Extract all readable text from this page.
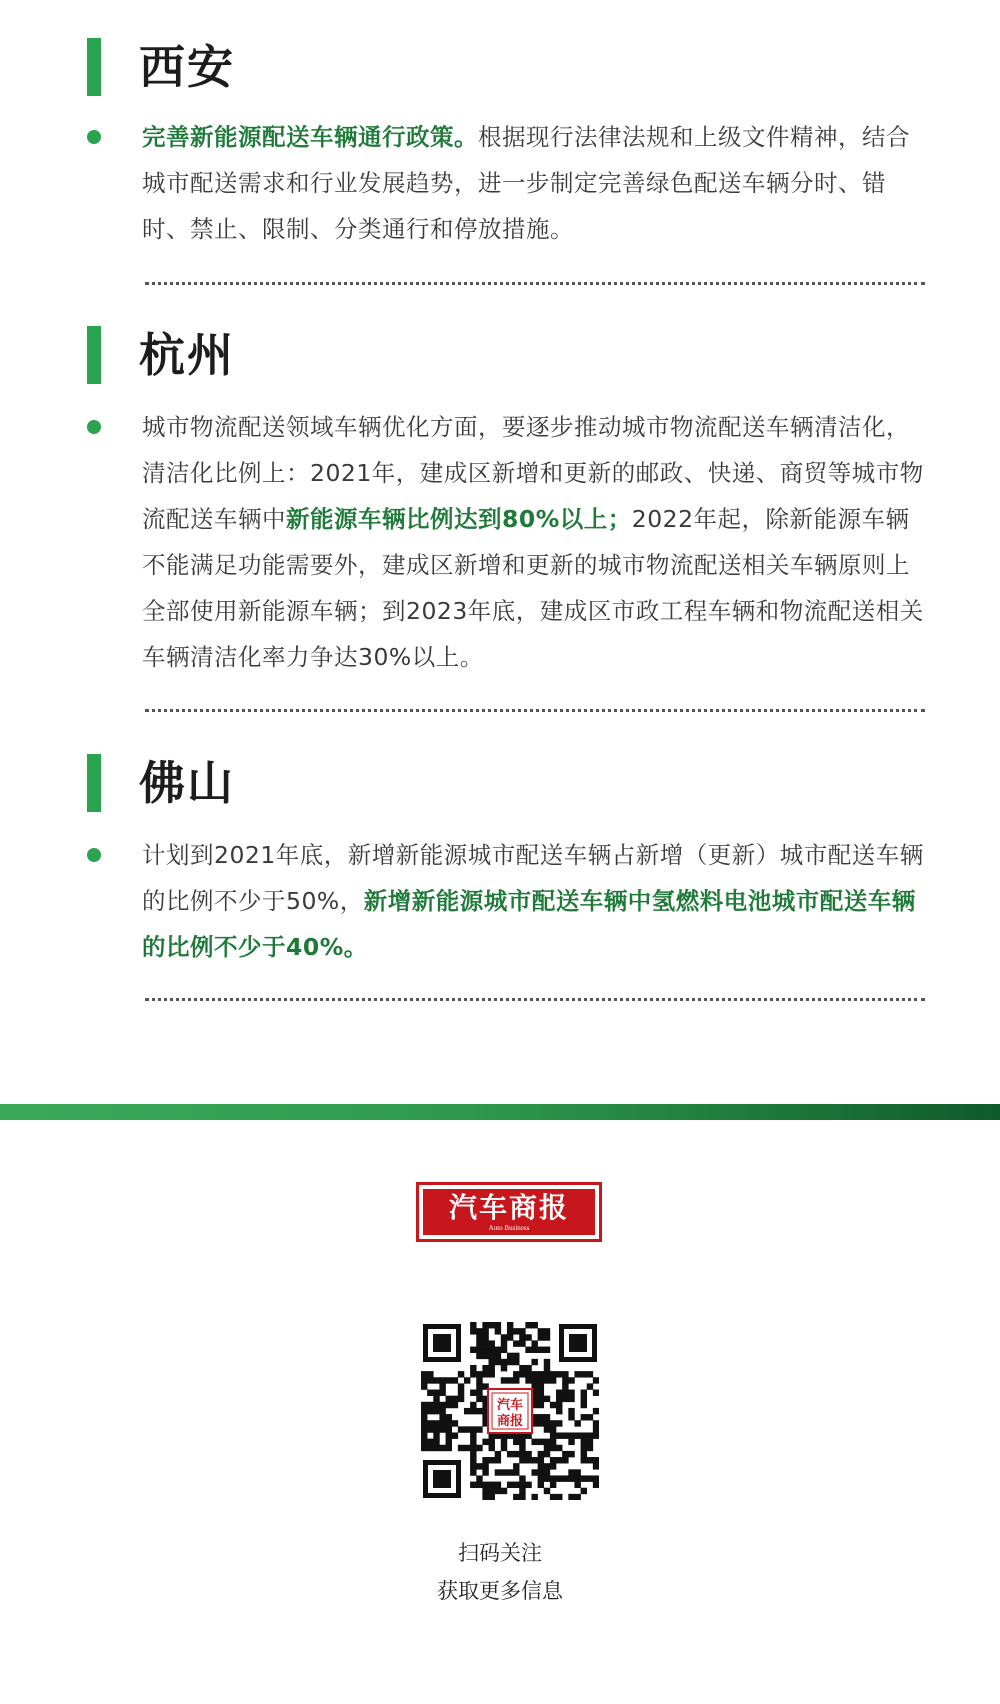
西安

完善新能源配送车辆通行政策。根据现行法律法规和上级文件精神，结合城市配送需求和行业发展趋势，进一步制定完善绿色配送车辆分时、错时、禁止、限制、分类通行和停放措施。

杭州

城市物流配送领域车辆优化方面，要逐步推动城市物流配送车辆清洁化，清洁化比例上：2021年，建成区新增和更新的邮政、快递、商贸等城市物流配送车辆中新能源车辆比例达到80%以上；2022年起，除新能源车辆不能满足功能需要外，建成区新增和更新的城市物流配送相关车辆原则上全部使用新能源车辆；到2023年底，建成区市政工程车辆和物流配送相关车辆清洁化率力争达30%以上。

佛山

计划到2021年底，新增新能源城市配送车辆占新增（更新）城市配送车辆的比例不少于50%，新增新能源城市配送车辆中氢燃料电池城市配送车辆的比例不少于40%。

汽车商报
Auto Business
汽车
商报

扫码关注

获取更多信息
